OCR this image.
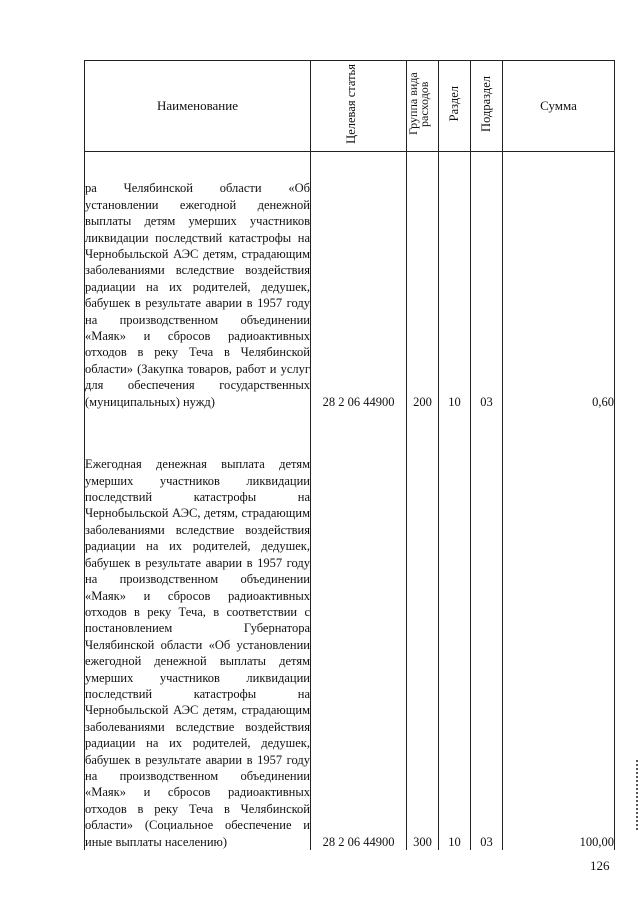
Наименование	Целевая статья	Группа вида расходов	Раздел	Подраздел	Сумма
ра Челябинской области «Об установлении ежегодной денежной выплаты детям умерших участников ликвидации последствий катастрофы на Чернобыльской АЭС детям, страдающим заболеваниями вследствие воздействия радиации на их родителей, дедушек, бабушек в результате аварии в 1957 году на производственном объединении «Маяк» и сбросов радиоактивных отходов в реку Теча в Челябинской области» (Закупка товаров, работ и услуг для обеспечения государственных (муниципальных) нужд)	28 2 06 44900	200	10	03	0,60
Ежегодная денежная выплата детям умерших участников ликвидации последствий катастрофы на Чернобыльской АЭС, детям, страдающим заболеваниями вследствие воздействия радиации на их родителей, дедушек, бабушек в результате аварии в 1957 году на производственном объединении «Маяк» и сбросов радиоактивных отходов в реку Теча, в соответствии с постановлением Губернатора Челябинской области «Об установлении ежегодной денежной выплаты детям умерших участников ликвидации последствий катастрофы на Чернобыльской АЭС детям, страдающим заболеваниями вследствие воздействия радиации на их родителей, дедушек, бабушек в результате аварии в 1957 году на производственном объединении «Маяк» и сбросов радиоактивных отходов в реку Теча в Челябинской области» (Социальное обеспечение и иные выплаты населению)	28 2 06 44900	300	10	03	100,00
126
